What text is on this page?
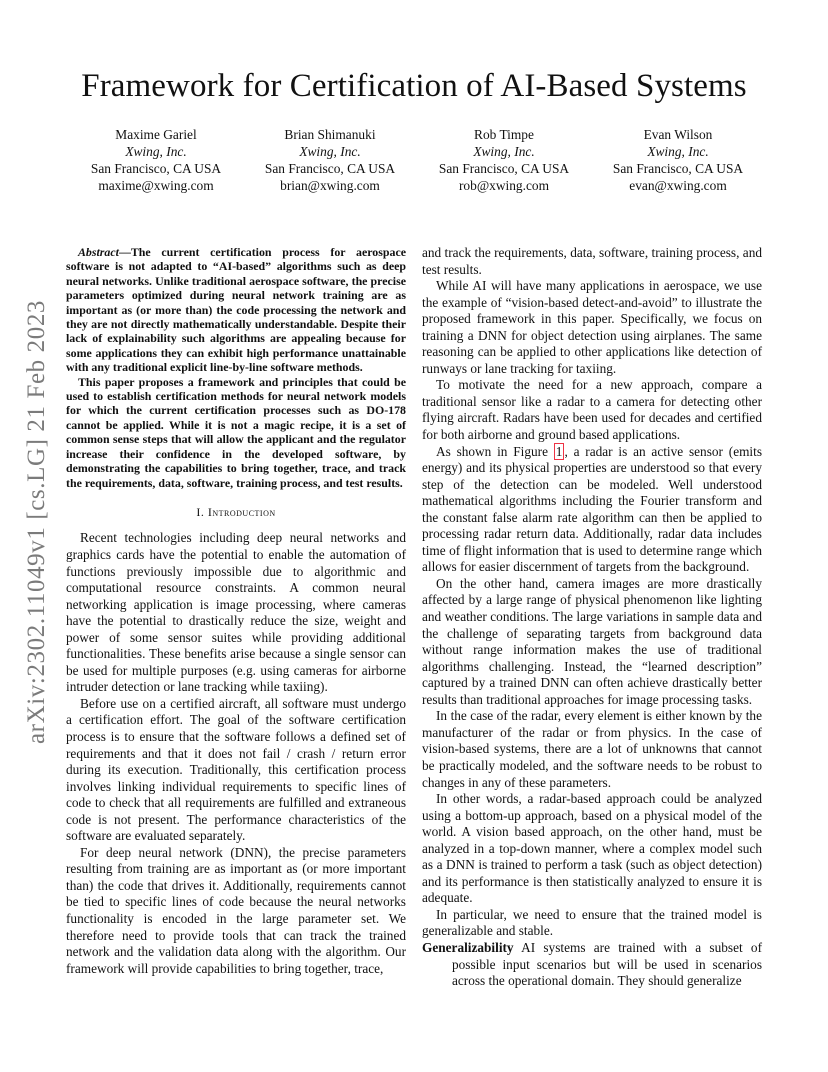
Framework for Certification of AI-Based Systems
Maxime Gariel
Xwing, Inc.
San Francisco, CA USA
maxime@xwing.com
Brian Shimanuki
Xwing, Inc.
San Francisco, CA USA
brian@xwing.com
Rob Timpe
Xwing, Inc.
San Francisco, CA USA
rob@xwing.com
Evan Wilson
Xwing, Inc.
San Francisco, CA USA
evan@xwing.com
arXiv:2302.11049v1 [cs.LG] 21 Feb 2023

Abstract—The current certification process for aerospace software is not adapted to “AI-based” algorithms such as deep neural networks. Unlike traditional aerospace software, the precise parameters optimized during neural network training are as important as (or more than) the code processing the network and they are not directly mathematically understandable. Despite their lack of explainability such algorithms are appealing because for some applications they can exhibit high performance unattainable with any traditional explicit line-by-line software methods.

This paper proposes a framework and principles that could be used to establish certification methods for neural network models for which the current certification processes such as DO-178 cannot be applied. While it is not a magic recipe, it is a set of common sense steps that will allow the applicant and the regulator increase their confidence in the developed software, by demonstrating the capabilities to bring together, trace, and track the requirements, data, software, training process, and test results.

I. Introduction

Recent technologies including deep neural networks and graphics cards have the potential to enable the automation of functions previously impossible due to algorithmic and computational resource constraints. A common neural networking application is image processing, where cameras have the potential to drastically reduce the size, weight and power of some sensor suites while providing additional functionalities. These benefits arise because a single sensor can be used for multiple purposes (e.g. using cameras for airborne intruder detection or lane tracking while taxiing).

Before use on a certified aircraft, all software must undergo a certification effort. The goal of the software certification process is to ensure that the software follows a defined set of requirements and that it does not fail / crash / return error during its execution. Traditionally, this certification process involves linking individual requirements to specific lines of code to check that all requirements are fulfilled and extraneous code is not present. The performance characteristics of the software are evaluated separately.

For deep neural network (DNN), the precise parameters resulting from training are as important as (or more important than) the code that drives it. Additionally, requirements cannot be tied to specific lines of code because the neural networks functionality is encoded in the large parameter set. We therefore need to provide tools that can track the trained network and the validation data along with the algorithm. Our framework will provide capabilities to bring together, trace,

and track the requirements, data, software, training process, and test results.

While AI will have many applications in aerospace, we use the example of “vision-based detect-and-avoid” to illustrate the proposed framework in this paper. Specifically, we focus on training a DNN for object detection using airplanes. The same reasoning can be applied to other applications like detection of runways or lane tracking for taxiing.

To motivate the need for a new approach, compare a traditional sensor like a radar to a camera for detecting other flying aircraft. Radars have been used for decades and certified for both airborne and ground based applications.

As shown in Figure 1 , a radar is an active sensor (emits energy) and its physical properties are understood so that every step of the detection can be modeled. Well understood mathematical algorithms including the Fourier transform and the constant false alarm rate algorithm can then be applied to processing radar return data. Additionally, radar data includes time of flight information that is used to determine range which allows for easier discernment of targets from the background.

On the other hand, camera images are more drastically affected by a large range of physical phenomenon like lighting and weather conditions. The large variations in sample data and the challenge of separating targets from background data without range information makes the use of traditional algorithms challenging. Instead, the “learned description” captured by a trained DNN can often achieve drastically better results than traditional approaches for image processing tasks.

In the case of the radar, every element is either known by the manufacturer of the radar or from physics. In the case of vision-based systems, there are a lot of unknowns that cannot be practically modeled, and the software needs to be robust to changes in any of these parameters.

In other words, a radar-based approach could be analyzed using a bottom-up approach, based on a physical model of the world. A vision based approach, on the other hand, must be analyzed in a top-down manner, where a complex model such as a DNN is trained to perform a task (such as object detection) and its performance is then statistically analyzed to ensure it is adequate.

In particular, we need to ensure that the trained model is generalizable and stable.

Generalizability AI systems are trained with a subset of possible input scenarios but will be used in scenarios across the operational domain. They should generalize
